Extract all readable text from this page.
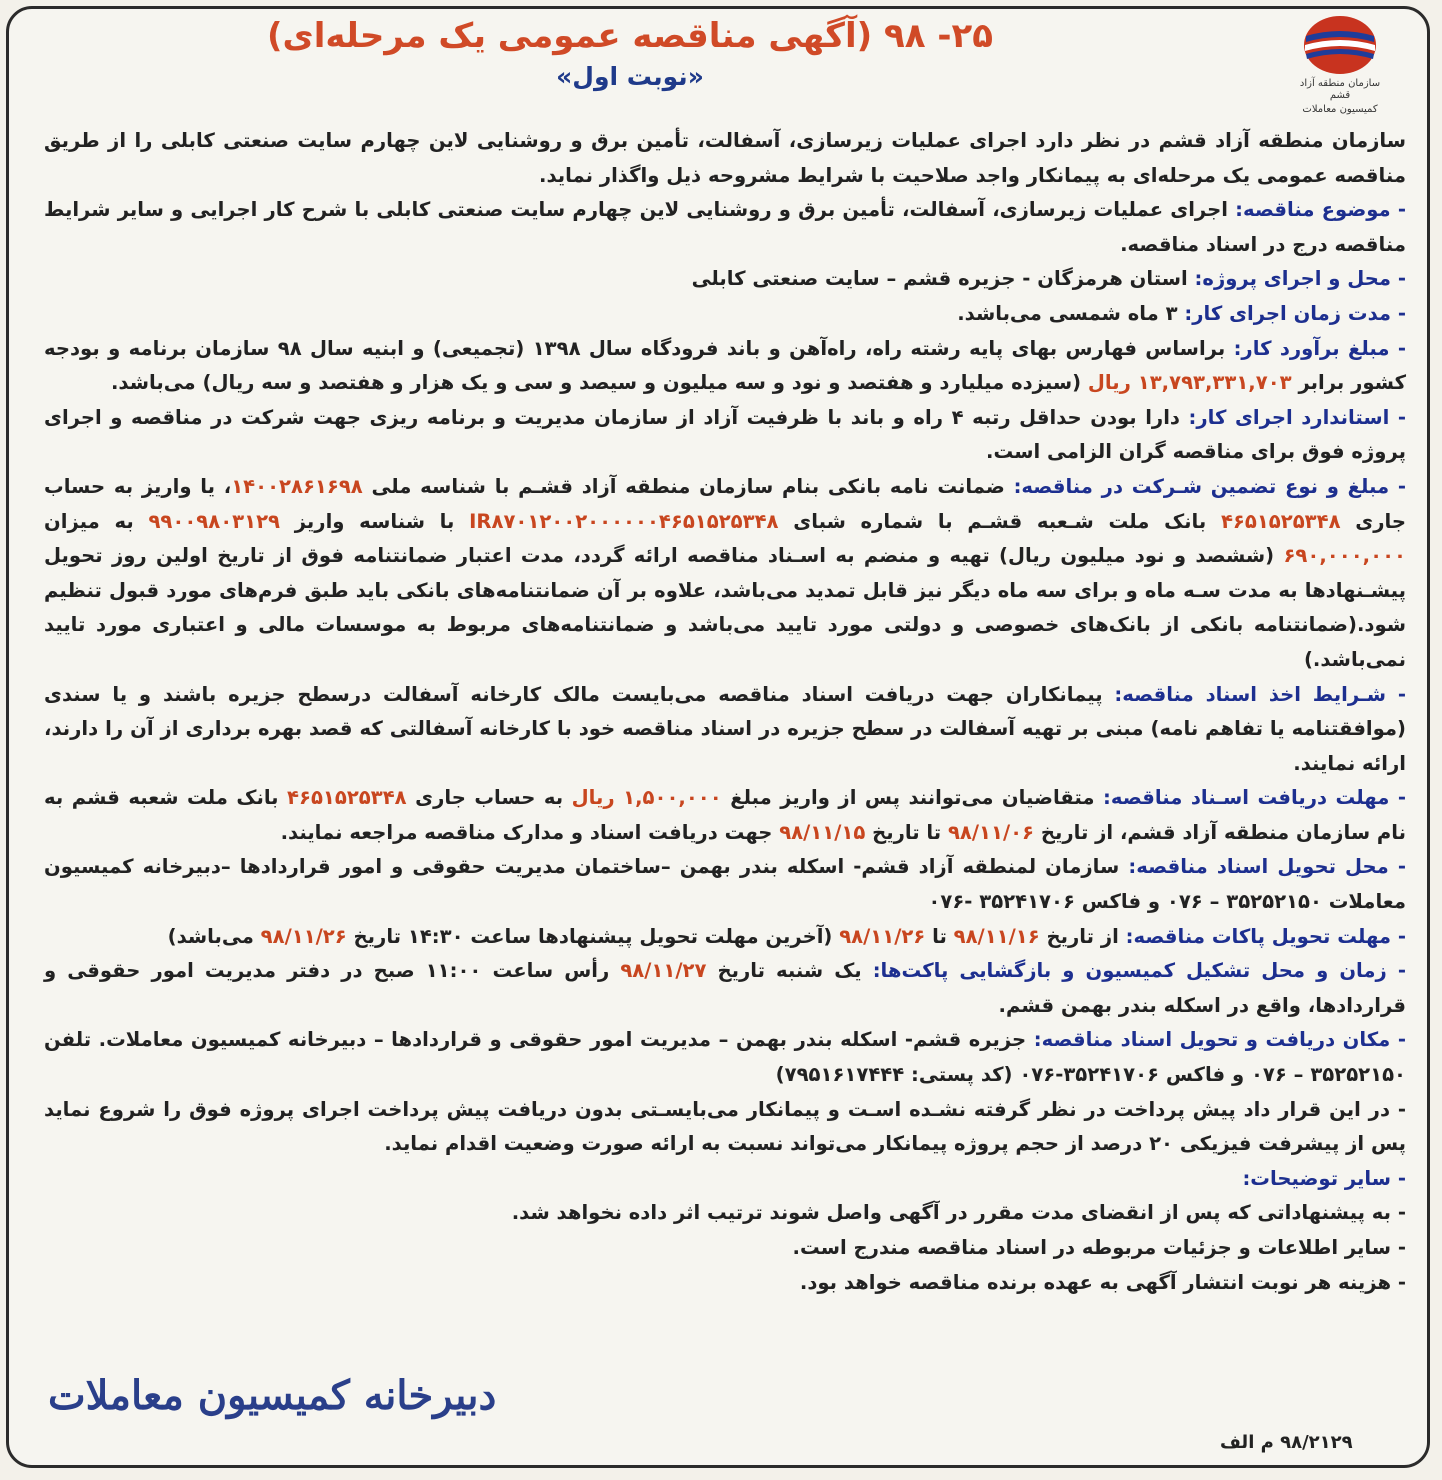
سازمان منطقه آزاد قشم
کمیسیون معاملات
(آگهی مناقصه عمومی یک مرحله‌ای) ۲۵- ۹۸
«نوبت اول»

سازمان منطقه آزاد قشم در نظر دارد اجرای عملیات زیرسازی، آسفالت، تأمین برق و روشنایی لاین چهارم سایت صنعتی کابلی را از طریق مناقصه عمومی یک مرحله‌ای به پیمانکار واجد صلاحیت با شرایط مشروحه ذیل واگذار نماید.

- موضوع مناقصه: اجرای عملیات زیرسازی، آسفالت، تأمین برق و روشنایی لاین چهارم سایت صنعتی کابلی با شرح کار اجرایی و سایر شرایط مناقصه درج در اسناد مناقصه.

- محل و اجرای پروژه: استان هرمزگان - جزیره قشم – سایت صنعتی کابلی

- مدت زمان اجرای کار: ۳ ماه شمسی می‌باشد.

- مبلغ برآورد کار: براساس فهارس بهای پایه رشته راه، راه‌آهن و باند فرودگاه سال ۱۳۹۸ (تجمیعی) و ابنیه سال ۹۸ سازمان برنامه و بودجه کشور برابر ۱۳,۷۹۳,۳۳۱,۷۰۳ ریال (سیزده میلیارد و هفتصد و نود و سه میلیون و سیصد و سی و یک هزار و هفتصد و سه ریال) می‌باشد.

- استاندارد اجرای کار: دارا بودن حداقل رتبه ۴ راه و باند با ظرفیت آزاد از سازمان مدیریت و برنامه ریزی جهت شرکت در مناقصه و اجرای پروژه فوق برای مناقصه گران الزامی است.

- مبلغ و نوع تضمین شـرکت در مناقصه: ضمانت نامه بانکی بنام سازمان منطقه آزاد قشـم با شناسه ملی ۱۴۰۰۲۸۶۱۶۹۸، یا واریز به حساب جاری ۴۶۵۱۵۲۵۳۴۸ بانک ملت شـعبه قشـم با شماره شبای IR۸۷۰۱۲۰۰۲۰۰۰۰۰۰۴۶۵۱۵۲۵۳۴۸ با شناسه واریز ۹۹۰۰۹۸۰۳۱۲۹ به میزان ۶۹۰,۰۰۰,۰۰۰ (ششصد و نود میلیون ریال) تهیه و منضم به اسـناد مناقصه ارائه گردد، مدت اعتبار ضمانتنامه فوق از تاریخ اولین روز تحویل پیشـنهادها به مدت سـه ماه و برای سه ماه دیگر نیز قابل تمدید می‌باشد، علاوه بر آن ضمانتنامه‌های بانکی باید طبق فرم‌های مورد قبول تنظیم شود.(ضمانتنامه بانکی از بانک‌های خصوصی و دولتی مورد تایید می‌باشد و ضمانتنامه‌های مربوط به موسسات مالی و اعتباری مورد تایید نمی‌باشد.)

- شـرایط اخذ اسناد مناقصه: پیمانکاران جهت دریافت اسناد مناقصه می‌بایست مالک کارخانه آسفالت درسطح جزیره باشند و یا سندی (موافقتنامه یا تفاهم نامه) مبنی بر تهیه آسفالت در سطح جزیره در اسناد مناقصه خود با کارخانه آسفالتی که قصد بهره برداری از آن را دارند، ارائه نمایند.

- مهلت دریافت اسـناد مناقصه: متقاضیان می‌توانند پس از واریز مبلغ ۱,۵۰۰,۰۰۰ ریال به حساب جاری ۴۶۵۱۵۲۵۳۴۸ بانک ملت شعبه قشم به نام سازمان منطقه آزاد قشم، از تاریخ ۹۸/۱۱/۰۶ تا تاریخ ۹۸/۱۱/۱۵ جهت دریافت اسناد و مدارک مناقصه مراجعه نمایند.

- محل تحویل اسناد مناقصه: سازمان لمنطقه آزاد قشم- اسکله بندر بهمن –ساختمان مدیریت حقوقی و امور قراردادها –دبیرخانه کمیسیون معاملات ۳۵۲۵۲۱۵۰ – ۰۷۶ و فاکس ۳۵۲۴۱۷۰۶ -۰۷۶

- مهلت تحویل پاکات مناقصه: از تاریخ ۹۸/۱۱/۱۶ تا ۹۸/۱۱/۲۶ (آخرین مهلت تحویل پیشنهادها ساعت ۱۴:۳۰ تاریخ ۹۸/۱۱/۲۶ می‌باشد)

- زمان و محل تشکیل کمیسیون و بازگشایی پاکت‌ها: یک شنبه تاریخ ۹۸/۱۱/۲۷ رأس ساعت ۱۱:۰۰ صبح در دفتر مدیریت امور حقوقی و قراردادها، واقع در اسکله بندر بهمن قشم.

- مکان دریافت و تحویل اسناد مناقصه: جزیره قشم- اسکله بندر بهمن – مدیریت امور حقوقی و قراردادها – دبیرخانه کمیسیون معاملات. تلفن ۳۵۲۵۲۱۵۰ – ۰۷۶ و فاکس ۳۵۲۴۱۷۰۶-۰۷۶ (کد پستی: ۷۹۵۱۶۱۷۴۴۴)

- در این قرار داد پیش پرداخت در نظر گرفته نشـده اسـت و پیمانکار می‌بایسـتی بدون دریافت پیش پرداخت اجرای پروژه فوق را شروع نماید پس از پیشرفت فیزیکی ۲۰ درصد از حجم پروژه پیمانکار می‌تواند نسبت به ارائه صورت وضعیت اقدام نماید.

- سایر توضیحات:

- به پیشنهاداتی که پس از انقضای مدت مقرر در آگهی واصل شوند ترتیب اثر داده نخواهد شد.

- سایر اطلاعات و جزئیات مربوطه در اسناد مناقصه مندرج است.

- هزینه هر نوبت انتشار آگهی به عهده برنده مناقصه خواهد بود.

دبیرخانه کمیسیون معاملات
۹۸/۲۱۲۹ م الف
